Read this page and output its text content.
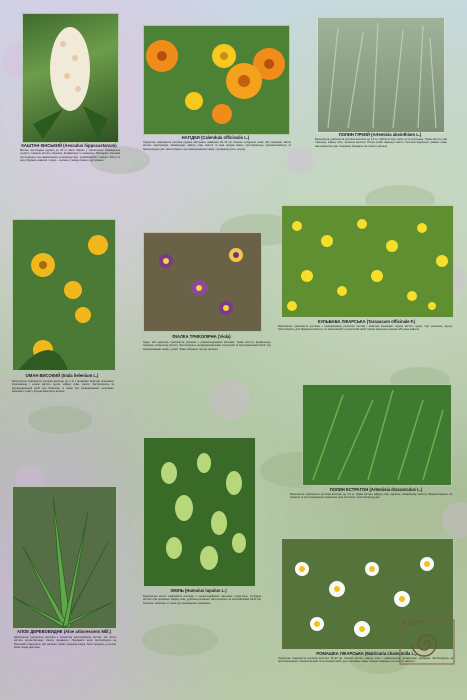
КАШТАН КІНСЬКИЙ (Aesculus hippocastanum)
Високе листопадне дерево до 30 м. Квіти зібрані у прямостоячі пірамідальні суцвіття. Насіння містить сапоніни, флавоноїди та кумарини. Препарати каштана застосовують при варикозному розширенні вен, тромбофлебіті, геморої. Листя та кору збирають навесні, плоди — восени у період повного достигання.
НАГІДКИ (Calendula officinalis L.)
Однорічна трав'яниста рослина родини айстрових заввишки 30–70 см. Кошики поодинокі, жовті або оранжеві. Квітки містять каротиноїди, флавоноїди, ефірну олію. Настої та мазі нагідок мають протизапальну, ранозагоювальну та бактерицидну дію. Застосовують при захворюваннях шкіри, порожнини рота, шлунку.
ПОЛИН ГІРКИЙ (Artemisia absinthium L.)
Багаторічна трав'яниста рослина висотою до 1,5 м, сріблясто-сіра через густе опушення. Трава містить гіркі глікозиди, ефірну олію, органічні кислоти. Полин гіркий підвищує апетит, посилює виділення травних соків, має жовчогінну дію. Сировину збирають на початку цвітіння.
ОМАН ВИСОКИЙ (Inula helenium L.)
Багаторічна трав'яниста рослина висотою до 2 м з великими жовтими кошиками. Кореневища і корені містять інулін, ефірну олію, смоли. Застосовують як відхаркувальний засіб при бронхітах, а також при захворюваннях шлунково-кишкового тракту. Корені викопують восени.
ФІАЛКА ТРИКОЛІРНА (Viola)
Одно- або дворічна трав'яниста рослина з різнокольоровими квітками. Трава містить флавоноїди, сапоніни, саліцилову кислоту. Застосовують як відхаркувальний, сечогінний та протизапальний засіб, при захворюваннях шкіри у дітей. Траву збирають під час цвітіння.
КУЛЬБАБА ЛІКАРСЬКА (Taraxacum officinale F.)
Багаторічна трав'яниста рослина з прикореневою розеткою листків і жовтими кошиками. Корені містять інулін, гіркі речовини, каучук. Застосовують для збудження апетиту, як жовчогінний та проносний засіб. Корені викопують восени або рано навесні.
ПОЛИН ЕСТРАГОН (Artemisia dracunculus L.)
Багаторічна трав'яниста рослина висотою до 1,5 м. Трава містить ефірну олію, каротин, аскорбінову кислоту. Використовують як прянощі та для покращення травлення, має сечогінну і протизапальну дію.
АЛОЕ ДЕРЕВОВИДНЕ (Aloe arborescens Mill.)
Багаторічна сукулентна рослина з м'ясистим мечоподібним листям. Сік листя містить антраглікозиди, смоли, ферменти. Препарати алое застосовують як біогенний стимулятор, при запорах, опіках, виразках шкіри. Листя зрізують у рослин віком понад два роки.
ХМІЛЬ (Humulus lupulus L.)
Багаторічна витка трав'яниста рослина з шишкоподібними жіночими суцвіттями. Супліддя містять гіркі речовини, ефірну олію, дубильні речовини. Застосовують як заспокійливий засіб при безсонні, неврозах, а також для покращення травлення.
РОМАШКА ЛІКАРСЬКА (Matricaria chamomilla L.)
Однорічна трав'яниста рослина висотою 15–40 см. Кошики містять ефірну олію з хамазуленом, флавоноїди, кумарини. Застосовують як протизапальний, спазмолітичний та потогінний засіб, для полоскань і ванн. Кошики збирають на початку цвітіння.
ЯКРІЦ
